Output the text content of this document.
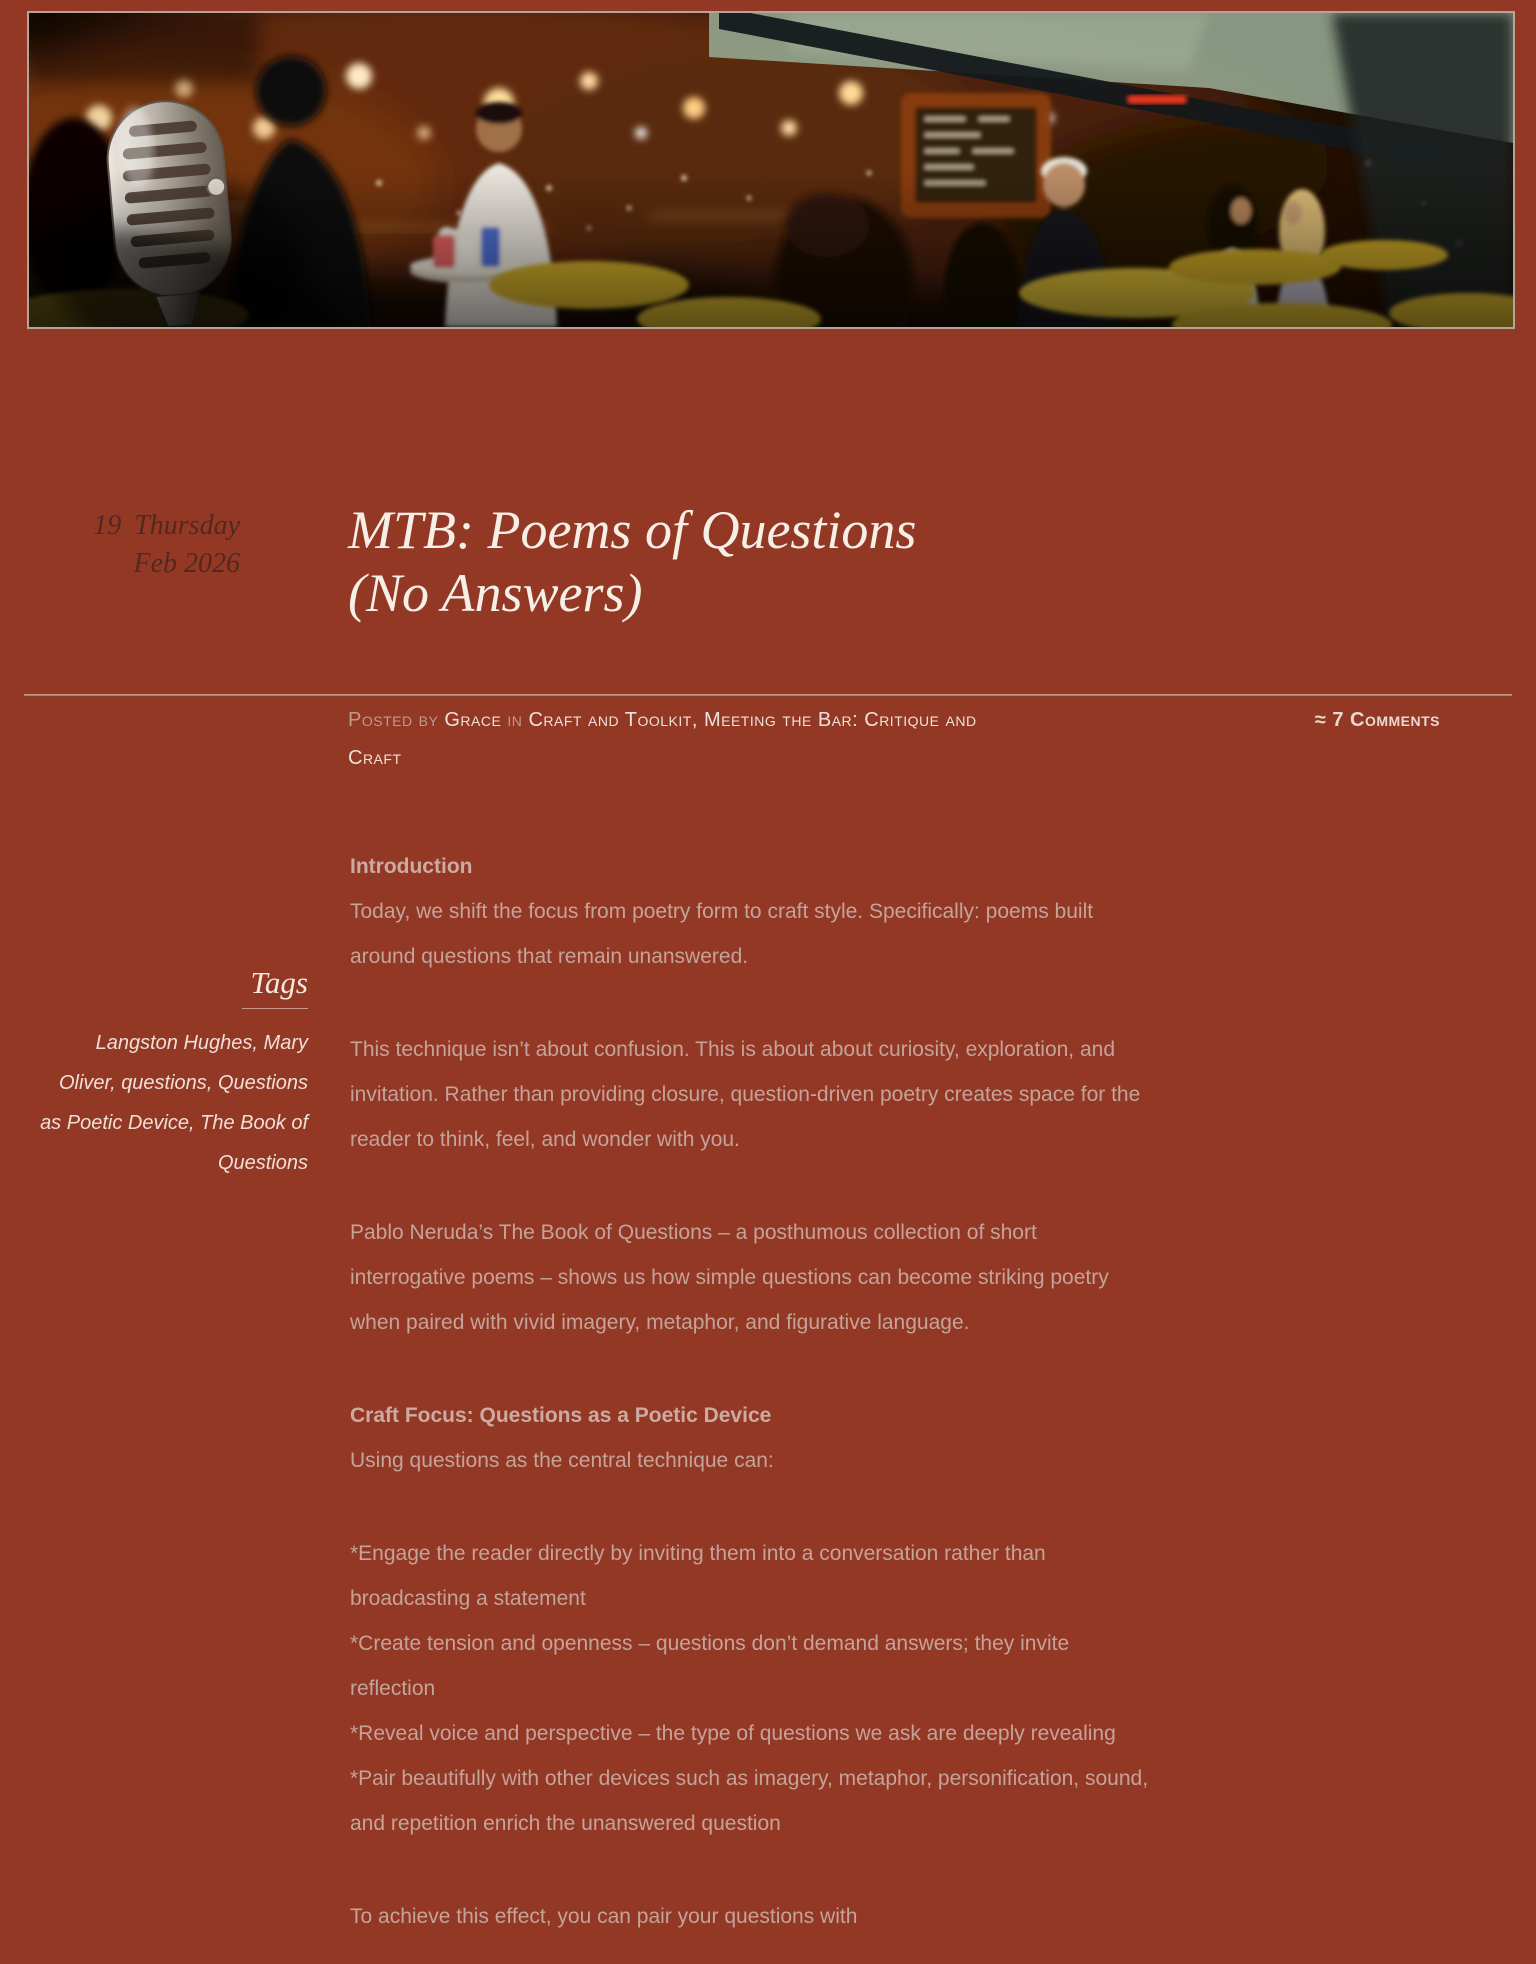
19 Thursday
Feb 2026
MTB: Poems of Questions
(No Answers)
Posted by Grace in Craft and Toolkit, Meeting the Bar: Critique and Craft
≈ 7 Comments
Tags

Langston Hughes, Mary Oliver, questions, Questions as Poetic Device, The Book of Questions

Introduction

Today, we shift the focus from poetry form to craft style. Specifically: poems built around questions that remain unanswered.

This technique isn’t about confusion. This is about about curiosity, exploration, and invitation. Rather than providing closure, question-driven poetry creates space for the reader to think, feel, and wonder with you.

Pablo Neruda’s The Book of Questions – a posthumous collection of short interrogative poems – shows us how simple questions can become striking poetry when paired with vivid imagery, metaphor, and figurative language.

Craft Focus: Questions as a Poetic Device

Using questions as the central technique can:

*Engage the reader directly by inviting them into a conversation rather than broadcasting a statement
*Create tension and openness – questions don’t demand answers; they invite reflection
*Reveal voice and perspective – the type of questions we ask are deeply revealing
*Pair beautifully with other devices such as imagery, metaphor, personification, sound, and repetition enrich the unanswered question

To achieve this effect, you can pair your questions with
